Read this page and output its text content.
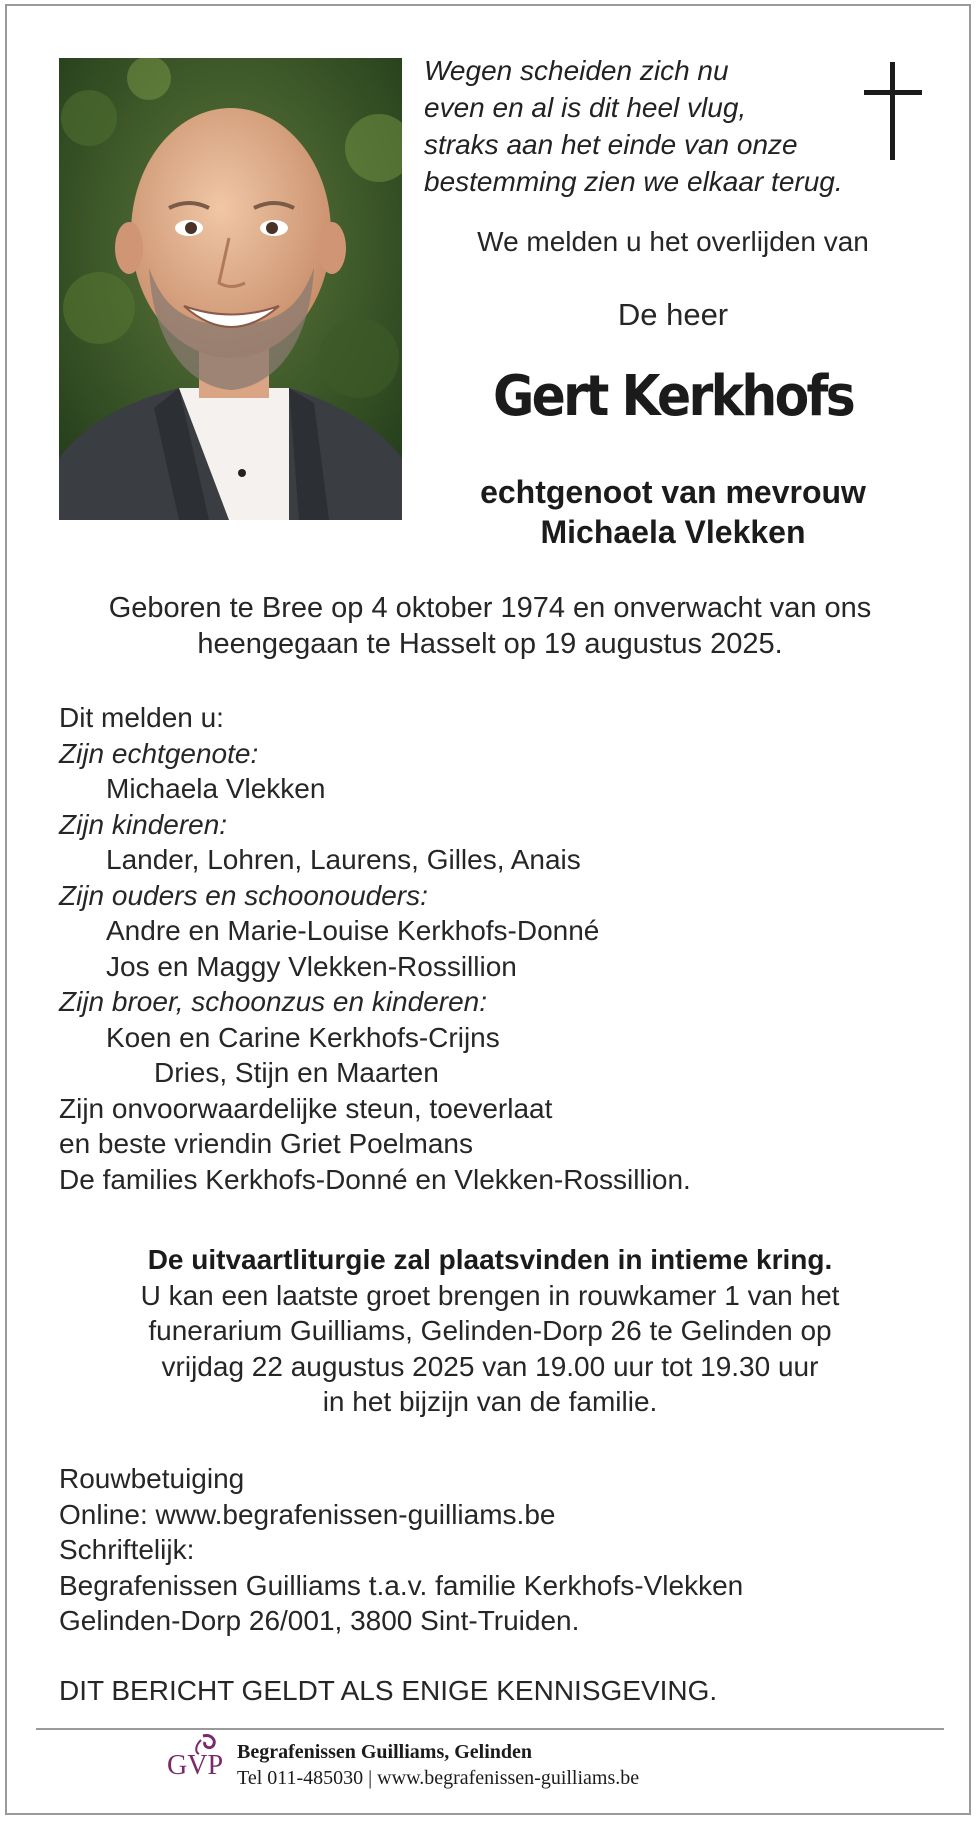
Wegen scheiden zich nu
even en al is dit heel vlug,
straks aan het einde van onze
bestemming zien we elkaar terug.
We melden u het overlijden van
De heer
Gert Kerkhofs
echtgenoot van mevrouw
Michaela Vlekken
Geboren te Bree op 4 oktober 1974 en onverwacht van ons
heengegaan te Hasselt op 19 augustus 2025.
Dit melden u:
Zijn echtgenote:
Michaela Vlekken
Zijn kinderen:
Lander, Lohren, Laurens, Gilles, Anais
Zijn ouders en schoonouders:
Andre en Marie-Louise Kerkhofs-Donné
Jos en Maggy Vlekken-Rossillion
Zijn broer, schoonzus en kinderen:
Koen en Carine Kerkhofs-Crijns
Dries, Stijn en Maarten
Zijn onvoorwaardelijke steun, toeverlaat
en beste vriendin Griet Poelmans
De families Kerkhofs-Donné en Vlekken-Rossillion.
De uitvaartliturgie zal plaatsvinden in intieme kring.
U kan een laatste groet brengen in rouwkamer 1 van het
funerarium Guilliams, Gelinden-Dorp 26 te Gelinden op
vrijdag 22 augustus 2025 van 19.00 uur tot 19.30 uur
in het bijzijn van de familie.
Rouwbetuiging
Online: www.begrafenissen-guilliams.be
Schriftelijk:
Begrafenissen Guilliams t.a.v. familie Kerkhofs-Vlekken
Gelinden-Dorp 26/001, 3800 Sint-Truiden.
DIT BERICHT GELDT ALS ENIGE KENNISGEVING.
GVP Begrafenissen Guilliams, Gelinden
Tel 011-485030 | www.begrafenissen-guilliams.be
